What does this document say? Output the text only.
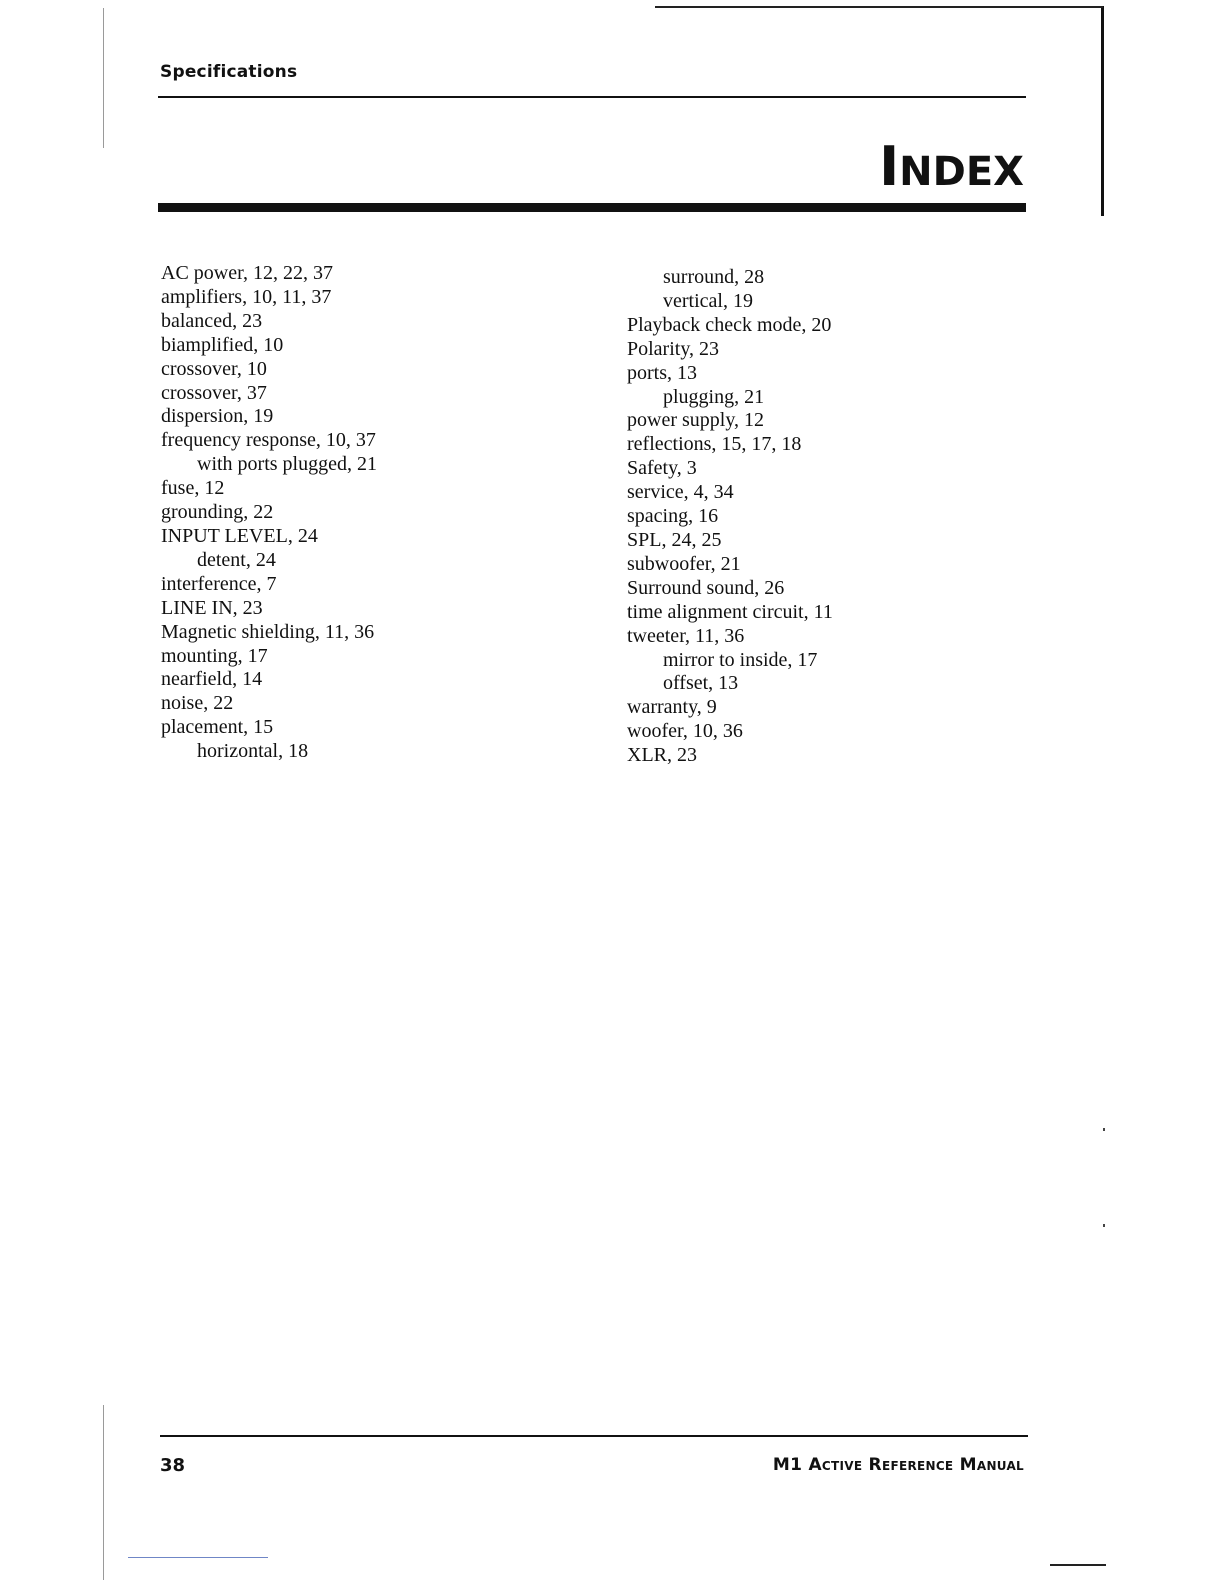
Specifications
INDEX
AC power, 12, 22, 37
amplifiers, 10, 11, 37
balanced, 23
biamplified, 10
crossover, 10
crossover, 37
dispersion, 19
frequency response, 10, 37
with ports plugged, 21
fuse, 12
grounding, 22
INPUT LEVEL, 24
detent, 24
interference, 7
LINE IN, 23
Magnetic shielding, 11, 36
mounting, 17
nearfield, 14
noise, 22
placement, 15
horizontal, 18
surround, 28
vertical, 19
Playback check mode, 20
Polarity, 23
ports, 13
plugging, 21
power supply, 12
reflections, 15, 17, 18
Safety, 3
service, 4, 34
spacing, 16
SPL, 24, 25
subwoofer, 21
Surround sound, 26
time alignment circuit, 11
tweeter, 11, 36
mirror to inside, 17
offset, 13
warranty, 9
woofer, 10, 36
XLR, 23
38	M1 Active Reference Manual
